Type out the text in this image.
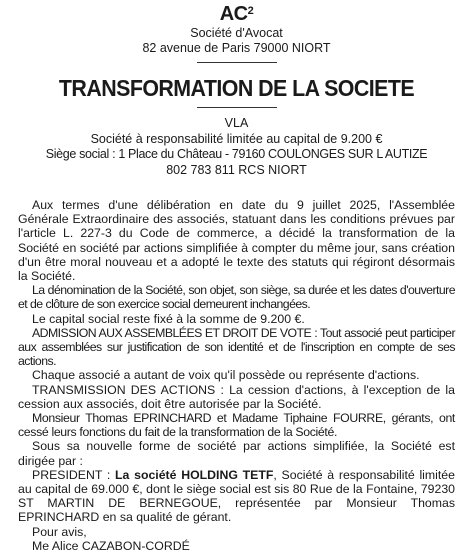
$AC^2$
Société d'Avocat
82 avenue de Paris 79000 NIORT
TRANSFORMATION DE LA SOCIETE
VLA
Société à responsabilité limitée au capital de 9.200 €
Siège social : 1 Place du Château - 79160 COULONGES SUR L AUTIZE
802 783 811 RCS NIORT

Aux termes d'une délibération en date du 9 juillet 2025, l'Assemblée Générale Extraordinaire des associés, statuant dans les conditions prévues par l'article L. 227-3 du Code de commerce, a décidé la transformation de la Société en société par actions simplifiée à compter du même jour, sans création d'un être moral nouveau et a adopté le texte des statuts qui régiront désormais la Société.

La dénomination de la Société, son objet, son siège, sa durée et les dates d'ouverture et de clôture de son exercice social demeurent inchangées.

Le capital social reste fixé à la somme de 9.200 €.

ADMISSION AUX ASSEMBLÉES ET DROIT DE VOTE : Tout associé peut participer aux assemblées sur justification de son identité et de l'inscription en compte de ses actions.

Chaque associé a autant de voix qu'il possède ou représente d'actions.

TRANSMISSION DES ACTIONS : La cession d'actions, à l'exception de la cession aux associés, doit être autorisée par la Société.

Monsieur Thomas EPRINCHARD et Madame Tiphaine FOURRE, gérants, ont cessé leurs fonctions du fait de la transformation de la Société.

Sous sa nouvelle forme de société par actions simplifiée, la Société est dirigée par :

PRESIDENT : La société HOLDING TETF, Société à responsabilité limitée au capital de 69.000 €, dont le siège social est sis 80 Rue de la Fontaine, 79230 ST MARTIN DE BERNEGOUE, représentée par Monsieur Thomas EPRINCHARD en sa qualité de gérant.

Pour avis,

Me Alice CAZABON-CORDÉ
